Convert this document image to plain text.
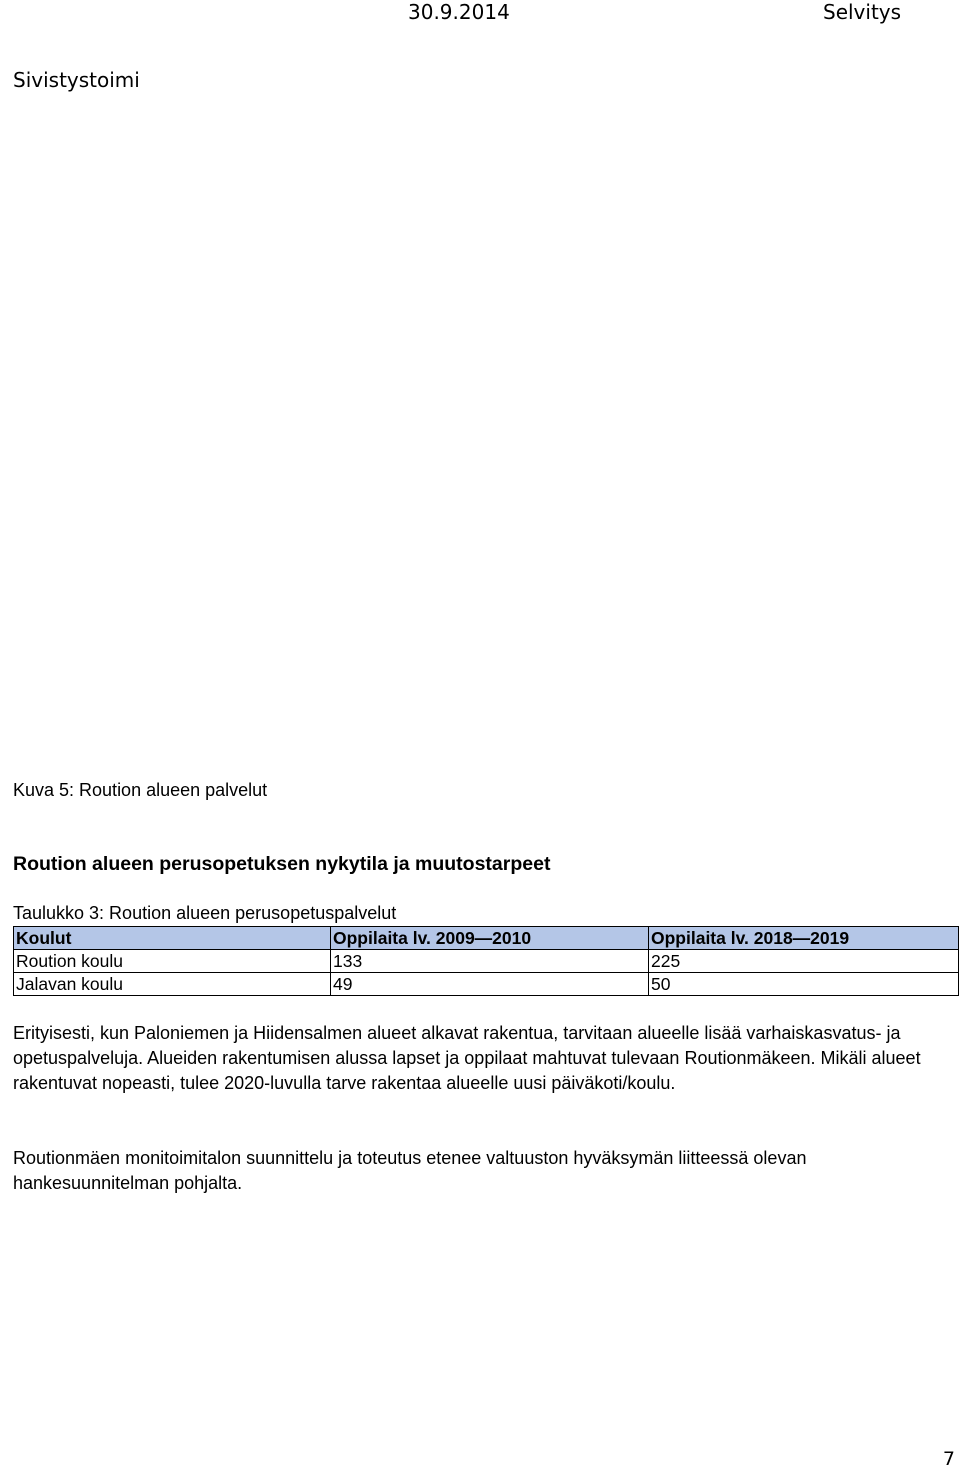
30.9.2014	Selvitys
Sivistystoimi
Kuva 5: Roution alueen palvelut
Roution alueen perusopetuksen nykytila ja muutostarpeet
Taulukko 3: Roution alueen perusopetuspalvelut
Koulut	Oppilaita lv. 2009—2010	Oppilaita lv. 2018—2019
Roution koulu	133	225
Jalavan koulu	49	50

Erityisesti, kun Paloniemen ja Hiidensalmen alueet alkavat rakentua, tarvitaan alueelle lisää varhaiskasvatus- ja opetuspalveluja. Alueiden rakentumisen alussa lapset ja oppilaat mahtuvat tulevaan Routionmäkeen. Mikäli alueet rakentuvat nopeasti, tulee 2020-luvulla tarve rakentaa alueelle uusi päiväkoti/koulu.

Routionmäen monitoimitalon suunnittelu ja toteutus etenee valtuuston hyväksymän liitteessä olevan hankesuunnitelman pohjalta.

7
